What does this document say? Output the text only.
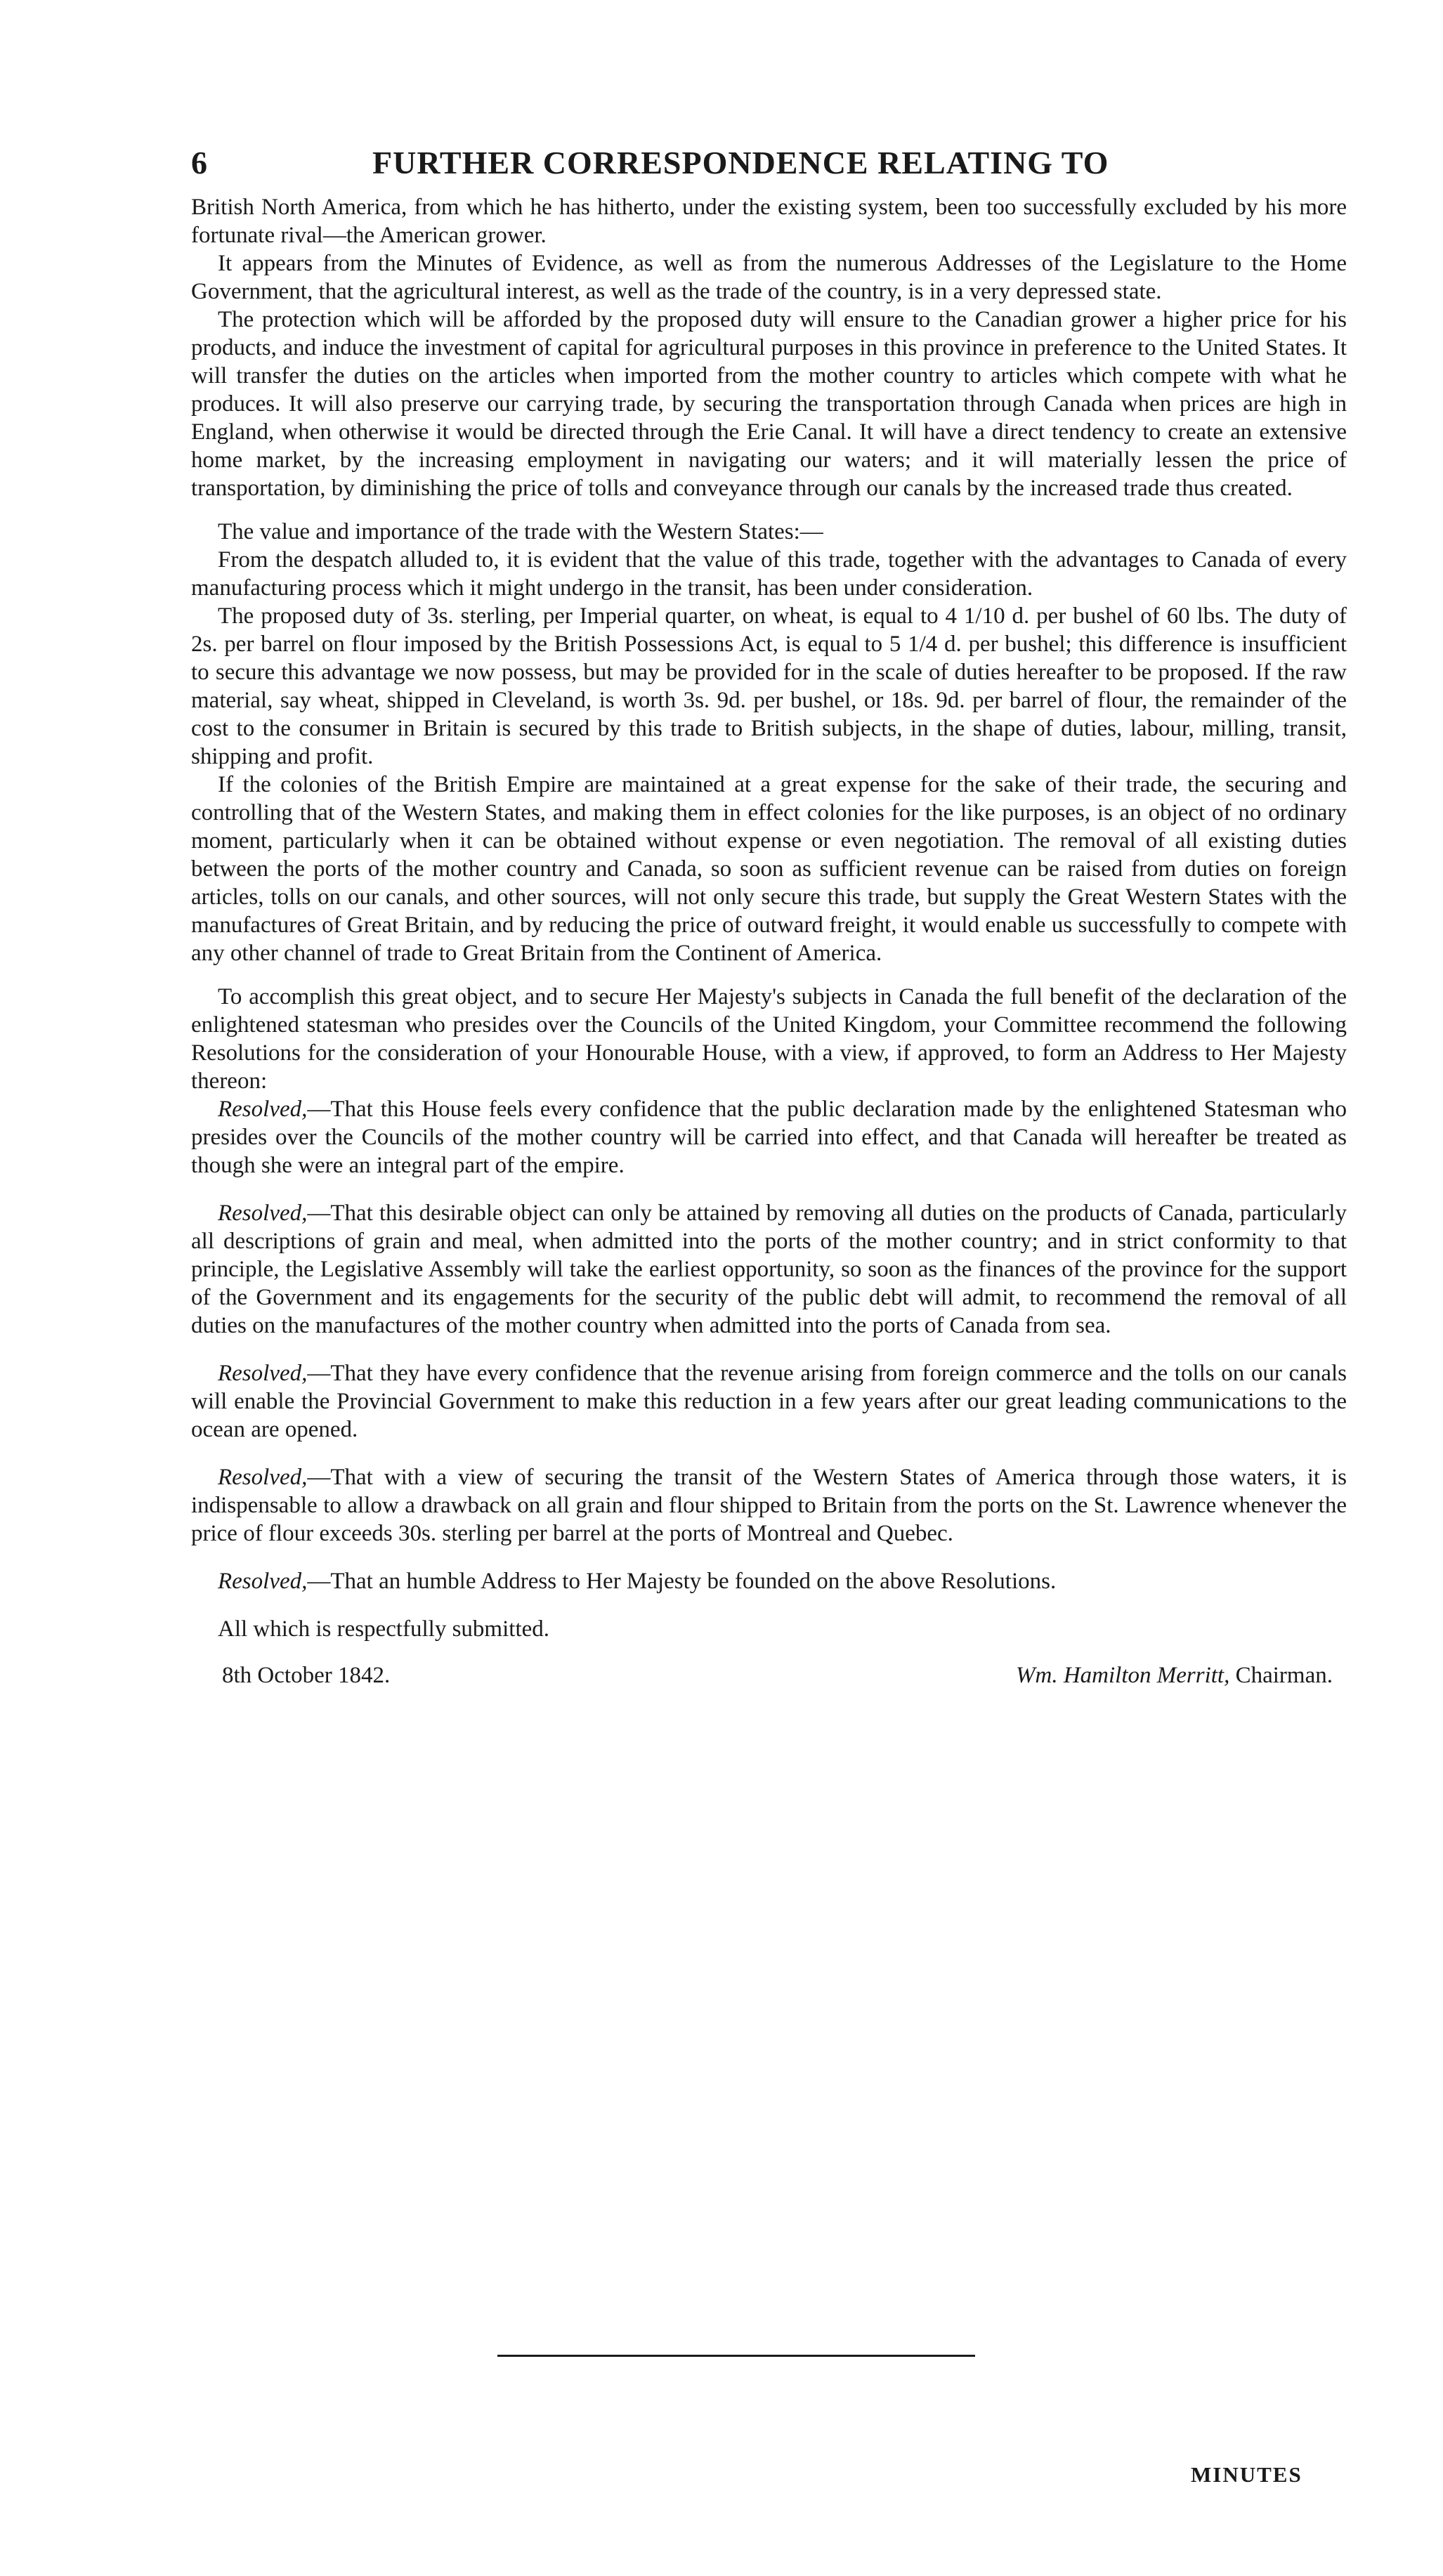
6	FURTHER CORRESPONDENCE RELATING TO

British North America, from which he has hitherto, under the existing system, been too successfully excluded by his more fortunate rival—the American grower.

It appears from the Minutes of Evidence, as well as from the numerous Addresses of the Legislature to the Home Government, that the agricultural interest, as well as the trade of the country, is in a very depressed state.

The protection which will be afforded by the proposed duty will ensure to the Canadian grower a higher price for his products, and induce the investment of capital for agricultural purposes in this province in preference to the United States. It will transfer the duties on the articles when imported from the mother country to articles which compete with what he produces. It will also preserve our carrying trade, by securing the transportation through Canada when prices are high in England, when otherwise it would be directed through the Erie Canal. It will have a direct tendency to create an extensive home market, by the increasing employment in navigating our waters; and it will materially lessen the price of transportation, by diminishing the price of tolls and conveyance through our canals by the increased trade thus created.

The value and importance of the trade with the Western States:—

From the despatch alluded to, it is evident that the value of this trade, together with the advantages to Canada of every manufacturing process which it might undergo in the transit, has been under consideration.

The proposed duty of 3s. sterling, per Imperial quarter, on wheat, is equal to 4 1/10 d. per bushel of 60 lbs. The duty of 2s. per barrel on flour imposed by the British Possessions Act, is equal to 5 1/4 d. per bushel; this difference is insufficient to secure this advantage we now possess, but may be provided for in the scale of duties hereafter to be proposed. If the raw material, say wheat, shipped in Cleveland, is worth 3s. 9d. per bushel, or 18s. 9d. per barrel of flour, the remainder of the cost to the consumer in Britain is secured by this trade to British subjects, in the shape of duties, labour, milling, transit, shipping and profit.

If the colonies of the British Empire are maintained at a great expense for the sake of their trade, the securing and controlling that of the Western States, and making them in effect colonies for the like purposes, is an object of no ordinary moment, particularly when it can be obtained without expense or even negotiation. The removal of all existing duties between the ports of the mother country and Canada, so soon as sufficient revenue can be raised from duties on foreign articles, tolls on our canals, and other sources, will not only secure this trade, but supply the Great Western States with the manufactures of Great Britain, and by reducing the price of outward freight, it would enable us successfully to compete with any other channel of trade to Great Britain from the Continent of America.

To accomplish this great object, and to secure Her Majesty's subjects in Canada the full benefit of the declaration of the enlightened statesman who presides over the Councils of the United Kingdom, your Committee recommend the following Resolutions for the consideration of your Honourable House, with a view, if approved, to form an Address to Her Majesty thereon:

Resolved,—That this House feels every confidence that the public declaration made by the enlightened Statesman who presides over the Councils of the mother country will be carried into effect, and that Canada will hereafter be treated as though she were an integral part of the empire.

Resolved,—That this desirable object can only be attained by removing all duties on the products of Canada, particularly all descriptions of grain and meal, when admitted into the ports of the mother country; and in strict conformity to that principle, the Legislative Assembly will take the earliest opportunity, so soon as the finances of the province for the support of the Government and its engagements for the security of the public debt will admit, to recommend the removal of all duties on the manufactures of the mother country when admitted into the ports of Canada from sea.

Resolved,—That they have every confidence that the revenue arising from foreign commerce and the tolls on our canals will enable the Provincial Government to make this reduction in a few years after our great leading communications to the ocean are opened.

Resolved,—That with a view of securing the transit of the Western States of America through those waters, it is indispensable to allow a drawback on all grain and flour shipped to Britain from the ports on the St. Lawrence whenever the price of flour exceeds 30s. sterling per barrel at the ports of Montreal and Quebec.

Resolved,—That an humble Address to Her Majesty be founded on the above Resolutions.

All which is respectfully submitted.

8th October 1842.	Wm. Hamilton Merritt, Chairman.
MINUTES
